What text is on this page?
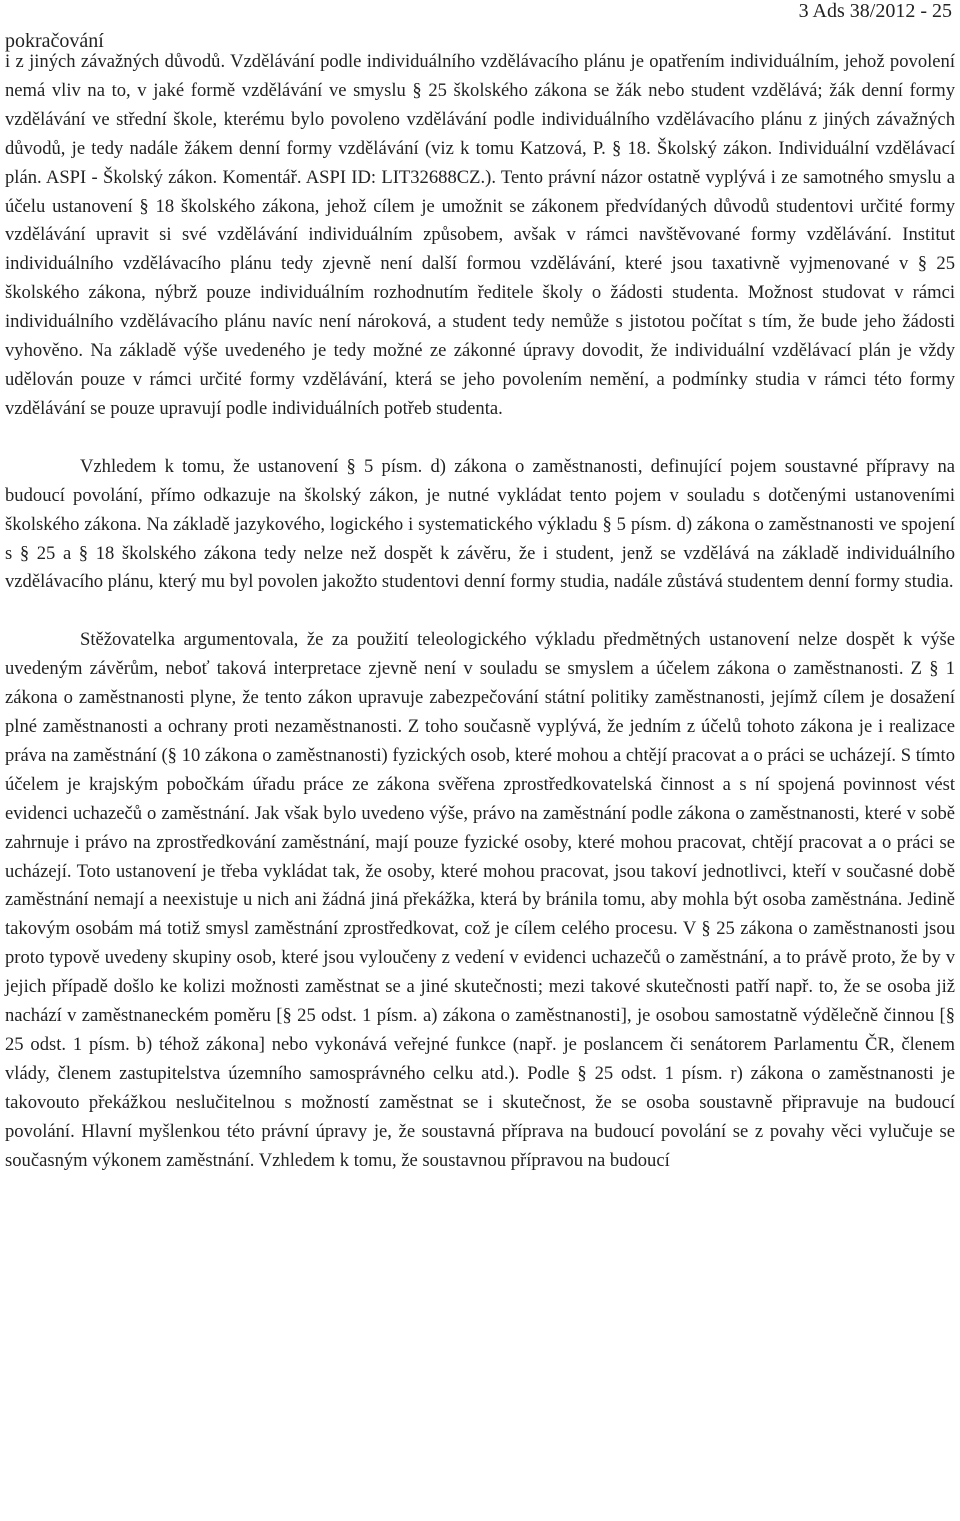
pokračování
3 Ads 38/2012 - 25

i z jiných závažných důvodů. Vzdělávání podle individuálního vzdělávacího plánu je opatřením individuálním, jehož povolení nemá vliv na to, v jaké formě vzdělávání ve smyslu § 25 školského zákona se žák nebo student vzdělává; žák denní formy vzdělávání ve střední škole, kterému bylo povoleno vzdělávání podle individuálního vzdělávacího plánu z jiných závažných důvodů, je tedy nadále žákem denní formy vzdělávání (viz k tomu Katzová, P. § 18. Školský zákon. Individuální vzdělávací plán. ASPI - Školský zákon. Komentář. ASPI ID: LIT32688CZ.). Tento právní názor ostatně vyplývá i ze samotného smyslu a účelu ustanovení § 18 školského zákona, jehož cílem je umožnit se zákonem předvídaných důvodů studentovi určité formy vzdělávání upravit si své vzdělávání individuálním způsobem, avšak v rámci navštěvované formy vzdělávání. Institut individuálního vzdělávacího plánu tedy zjevně není další formou vzdělávání, které jsou taxativně vyjmenované v § 25 školského zákona, nýbrž pouze individuálním rozhodnutím ředitele školy o žádosti studenta. Možnost studovat v rámci individuálního vzdělávacího plánu navíc není nároková, a student tedy nemůže s jistotou počítat s tím, že bude jeho žádosti vyhověno. Na základě výše uvedeného je tedy možné ze zákonné úpravy dovodit, že individuální vzdělávací plán je vždy udělován pouze v rámci určité formy vzdělávání, která se jeho povolením nemění, a podmínky studia v rámci této formy vzdělávání se pouze upravují podle individuálních potřeb studenta.

Vzhledem k tomu, že ustanovení § 5 písm. d) zákona o zaměstnanosti, definující pojem soustavné přípravy na budoucí povolání, přímo odkazuje na školský zákon, je nutné vykládat tento pojem v souladu s dotčenými ustanoveními školského zákona. Na základě jazykového, logického i systematického výkladu § 5 písm. d) zákona o zaměstnanosti ve spojení s § 25 a § 18 školského zákona tedy nelze než dospět k závěru, že i student, jenž se vzdělává na základě individuálního vzdělávacího plánu, který mu byl povolen jakožto studentovi denní formy studia, nadále zůstává studentem denní formy studia.

Stěžovatelka argumentovala, že za použití teleologického výkladu předmětných ustanovení nelze dospět k výše uvedeným závěrům, neboť taková interpretace zjevně není v souladu se smyslem a účelem zákona o zaměstnanosti. Z § 1 zákona o zaměstnanosti plyne, že tento zákon upravuje zabezpečování státní politiky zaměstnanosti, jejímž cílem je dosažení plné zaměstnanosti a ochrany proti nezaměstnanosti. Z toho současně vyplývá, že jedním z účelů tohoto zákona je i realizace práva na zaměstnání (§ 10 zákona o zaměstnanosti) fyzických osob, které mohou a chtějí pracovat a o práci se ucházejí. S tímto účelem je krajským pobočkám úřadu práce ze zákona svěřena zprostředkovatelská činnost a s ní spojená povinnost vést evidenci uchazečů o zaměstnání. Jak však bylo uvedeno výše, právo na zaměstnání podle zákona o zaměstnanosti, které v sobě zahrnuje i právo na zprostředkování zaměstnání, mají pouze fyzické osoby, které mohou pracovat, chtějí pracovat a o práci se ucházejí. Toto ustanovení je třeba vykládat tak, že osoby, které mohou pracovat, jsou takoví jednotlivci, kteří v současné době zaměstnání nemají a neexistuje u nich ani žádná jiná překážka, která by bránila tomu, aby mohla být osoba zaměstnána. Jedině takovým osobám má totiž smysl zaměstnání zprostředkovat, což je cílem celého procesu. V § 25 zákona o zaměstnanosti jsou proto typově uvedeny skupiny osob, které jsou vyloučeny z vedení v evidenci uchazečů o zaměstnání, a to právě proto, že by v jejich případě došlo ke kolizi možnosti zaměstnat se a jiné skutečnosti; mezi takové skutečnosti patří např. to, že se osoba již nachází v zaměstnaneckém poměru [§ 25 odst. 1 písm. a) zákona o zaměstnanosti], je osobou samostatně výdělečně činnou [§ 25 odst. 1 písm. b) téhož zákona] nebo vykonává veřejné funkce (např. je poslancem či senátorem Parlamentu ČR, členem vlády, členem zastupitelstva územního samosprávného celku atd.). Podle § 25 odst. 1 písm. r) zákona o zaměstnanosti je takovouto překážkou neslučitelnou s možností zaměstnat se i skutečnost, že se osoba soustavně připravuje na budoucí povolání. Hlavní myšlenkou této právní úpravy je, že soustavná příprava na budoucí povolání se z povahy věci vylučuje se současným výkonem zaměstnání. Vzhledem k tomu, že soustavnou přípravou na budoucí
